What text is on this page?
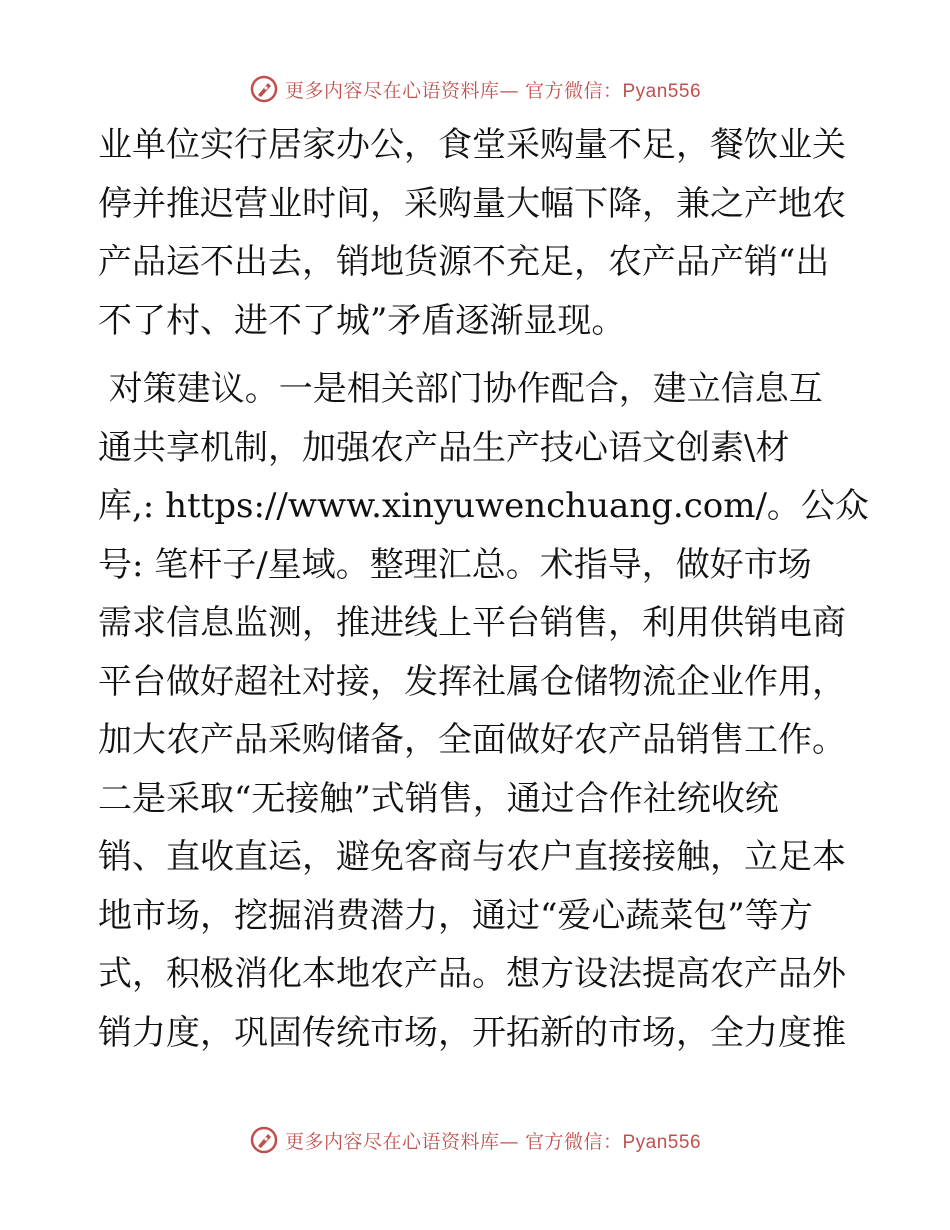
更多内容尽在心语资料库— 官方微信：Pyan556

业单位实行居家办公，食堂采购量不足，餐饮业关
停并推迟营业时间，采购量大幅下降，兼之产地农
产品运不出去，销地货源不充足，农产品产销“出
不了村、进不了城”矛盾逐渐显现。

对策建议。一是相关部门协作配合，建立信息互
通共享机制，加强农产品生产技心语文创素\材
库,: https://www.xinyuwenchuang.com/。公众
号: 笔杆子/星域。整理汇总。术指导，做好市场
需求信息监测，推进线上平台销售，利用供销电商
平台做好超社对接，发挥社属仓储物流企业作用，
加大农产品采购储备，全面做好农产品销售工作。
二是采取“无接触”式销售，通过合作社统收统
销、直收直运，避免客商与农户直接接触，立足本
地市场，挖掘消费潜力，通过“爱心蔬菜包”等方
式，积极消化本地农产品。想方设法提高农产品外
销力度，巩固传统市场，开拓新的市场，全力度推

更多内容尽在心语资料库— 官方微信：Pyan556
